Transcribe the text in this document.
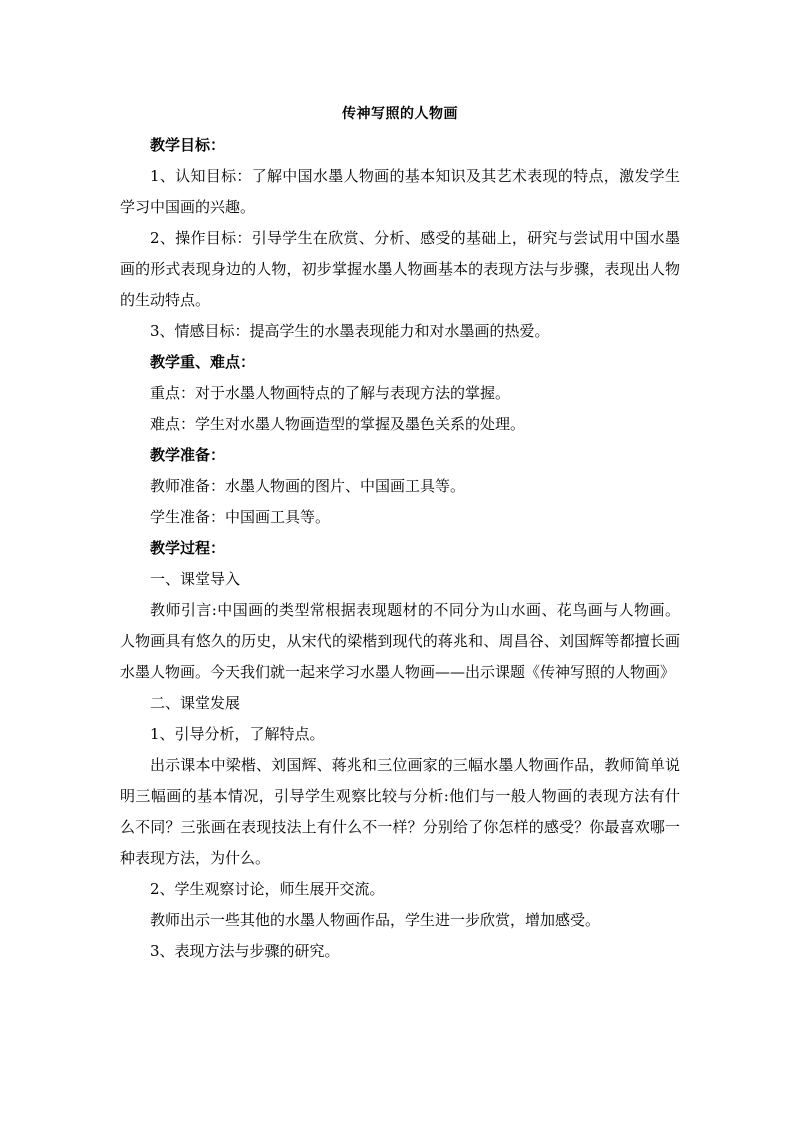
传神写照的人物画

教学目标：

1、认知目标：了解中国水墨人物画的基本知识及其艺术表现的特点，激发学生学习中国画的兴趣。

2、操作目标：引导学生在欣赏、分析、感受的基础上，研究与尝试用中国水墨画的形式表现身边的人物，初步掌握水墨人物画基本的表现方法与步骤，表现出人物的生动特点。

3、情感目标：提高学生的水墨表现能力和对水墨画的热爱。

教学重、难点：

重点：对于水墨人物画特点的了解与表现方法的掌握。

难点：学生对水墨人物画造型的掌握及墨色关系的处理。

教学准备：

教师准备：水墨人物画的图片、中国画工具等。

学生准备：中国画工具等。

教学过程：

一、课堂导入

教师引言:中国画的类型常根据表现题材的不同分为山水画、花鸟画与人物画。人物画具有悠久的历史，从宋代的梁楷到现代的蒋兆和、周昌谷、刘国辉等都擅长画水墨人物画。今天我们就一起来学习水墨人物画——出示课题《传神写照的人物画》

二、课堂发展

1、引导分析，了解特点。

出示课本中梁楷、刘国辉、蒋兆和三位画家的三幅水墨人物画作品，教师简单说明三幅画的基本情况，引导学生观察比较与分析:他们与一般人物画的表现方法有什么不同？三张画在表现技法上有什么不一样？分别给了你怎样的感受？你最喜欢哪一种表现方法，为什么。

2、学生观察讨论，师生展开交流。

教师出示一些其他的水墨人物画作品，学生进一步欣赏，增加感受。

3、表现方法与步骤的研究。
